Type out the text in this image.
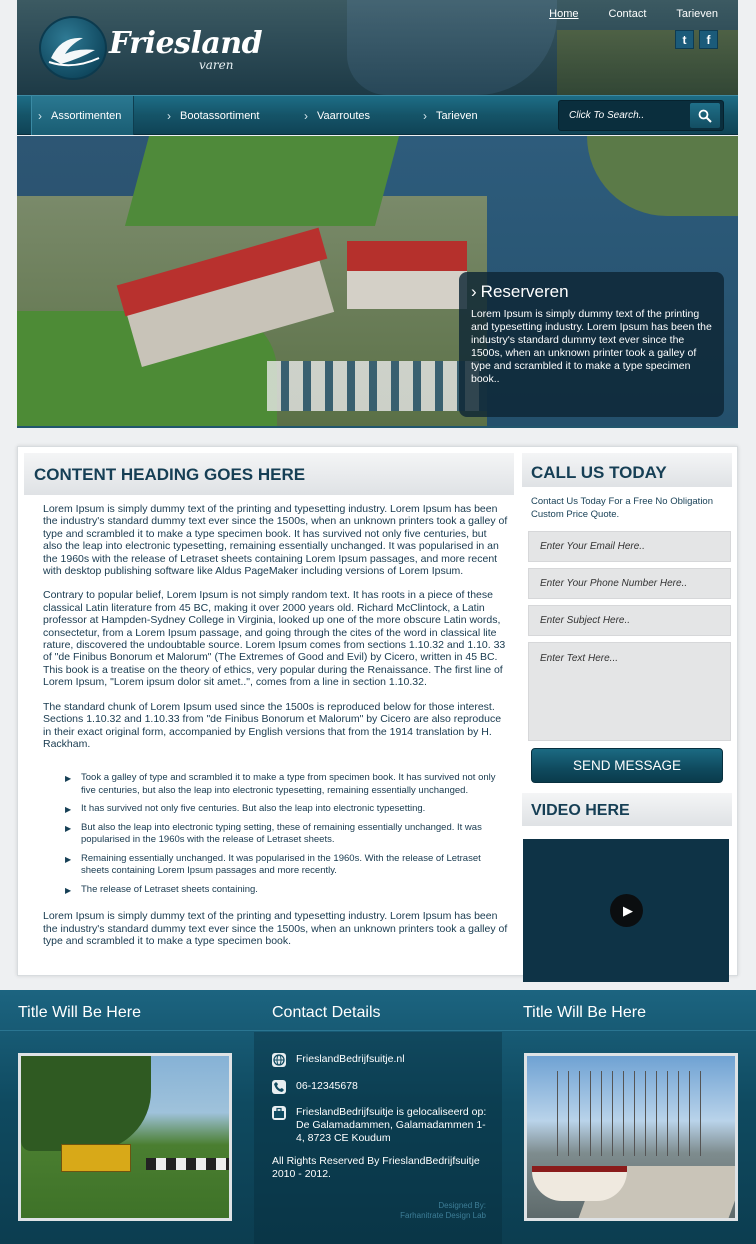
Friesland
varen
Home	Contact	Tarieven
t	f
› Assortimenten	› Bootassortiment	› Vaarroutes	› Tarieven
Click To Search..
› Reserveren

Lorem Ipsum is simply dummy text of the printing and typesetting industry. Lorem Ipsum has been the industry's standard dummy text ever since the 1500s, when an unknown printer took a galley of type and scrambled it to make a type specimen book..

CONTENT HEADING GOES HERE

Lorem Ipsum is simply dummy text of the printing and typesetting industry. Lorem Ipsum has been the industry's standard dummy text ever since the 1500s, when an unknown printers took a galley of type and scrambled it to make a type specimen book. It has survived not only five centuries, but also the leap into electronic typesetting, remaining essentially unchanged. It was popularised in an the 1960s with the release of Letraset sheets containing Lorem Ipsum passages, and more recent with desktop publishing software like Aldus PageMaker including versions of Lorem Ipsum.

Contrary to popular belief, Lorem Ipsum is not simply random text. It has roots in a piece of these classical Latin literature from 45 BC, making it over 2000 years old. Richard McClintock, a Latin professor at Hampden-Sydney College in Virginia, looked up one of the more obscure Latin words, consectetur, from a Lorem Ipsum passage, and going through the cites of the word in classical lite rature, discovered the undoubtable source. Lorem Ipsum comes from sections 1.10.32 and 1.10. 33 of "de Finibus Bonorum et Malorum" (The Extremes of Good and Evil) by Cicero, written in 45 BC. This book is a treatise on the theory of ethics, very popular during the Renaissance. The first line of Lorem Ipsum, "Lorem ipsum dolor sit amet..", comes from a line in section 1.10.32.

The standard chunk of Lorem Ipsum used since the 1500s is reproduced below for those interest. Sections 1.10.32 and 1.10.33 from "de Finibus Bonorum et Malorum" by Cicero are also reproduce in their exact original form, accompanied by English versions that from the 1914 translation by H. Rackham.

▶ Took a galley of type and scrambled it to make a type from specimen book. It has survived not only five centuries, but also the leap into electronic typesetting, remaining essentially unchanged.
▶ It has survived not only five centuries. But also the leap into electronic typesetting.
▶ But also the leap into electronic typing setting, these of remaining essentially unchanged. It was popularised in the 1960s with the release of Letraset sheets.
▶ Remaining essentially unchanged. It was popularised in the 1960s. With the release of Letraset sheets containing Lorem Ipsum passages and more recently.
▶ The release of Letraset sheets containing.

Lorem Ipsum is simply dummy text of the printing and typesetting industry. Lorem Ipsum has been the industry's standard dummy text ever since the 1500s, when an unknown printers took a galley of type and scrambled it to make a type specimen book.

CALL US TODAY
Contact Us Today For a Free No Obligation Custom Price Quote.
Enter Your Email Here..
Enter Your Phone Number Here..
Enter Subject Here..
Enter Text Here...
SEND MESSAGE
VIDEO HERE
▶
Title Will Be Here	Contact Details	Title Will Be Here
FrieslandBedrijfsuitje.nl
06-12345678
FrieslandBedrijfsuitje is gelocaliseerd op: De Galamadammen, Galamadammen 1-4, 8723 CE Koudum
All Rights Reserved By FrieslandBedrijfsuitje 2010 - 2012.
Designed By:
Farhanitrate Design Lab
